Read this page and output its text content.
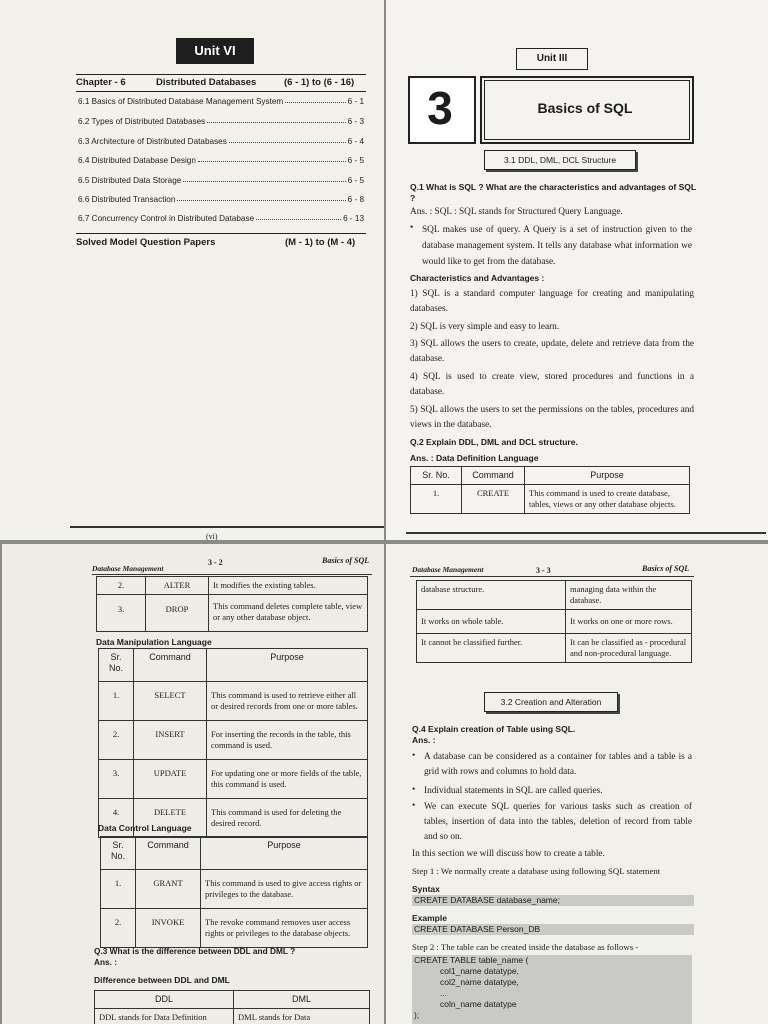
Unit VI
Chapter - 6	Distributed Databases	(6 - 1) to (6 - 16)
6.1 Basics of Distributed Database Management System	6 - 1
6.2 Types of Distributed Databases	6 - 3
6.3 Architecture of Distributed Databases	6 - 4
6.4 Distributed Database Design	6 - 5
6.5 Distributed Data Storage	6 - 5
6.6 Distributed Transaction	6 - 8
6.7 Concurrency Control in Distributed Database	6 - 13
Solved Model Question Papers	(M - 1) to (M - 4)
(vi)
Unit III
3	Basics of SQL
3.1 DDL, DML, DCL Structure
Q.1 What is SQL ? What are the characteristics and advantages of SQL ?
Ans. : SQL : SQL stands for Structured Query Language.
• SQL makes use of query. A Query is a set of instruction given to the database management system. It tells any database what information we would like to get from the database.
Characteristics and Advantages :
1) SQL is a standard computer language for creating and manipulating databases.
2) SQL is very simple and easy to learn.
3) SQL allows the users to create, update, delete and retrieve data from the database.
4) SQL is used to create view, stored procedures and functions in a database.
5) SQL allows the users to set the permissions on the tables, procedures and views in the database.
Q.2 Explain DDL, DML and DCL structure.
Ans. : Data Definition Language
Sr. No.	Command	Purpose
1.	CREATE	This command is used to create database, tables, views or any other database objects.
Database Management
3 - 2	Basics of SQL
2.	ALTER	It modifies the existing tables.
3.	DROP	This command deletes complete table, view or any other database object.
Data Manipulation Language
Sr. No.	Command	Purpose
1.	SELECT	This command is used to retrieve either all or desired records from one or more tables.
2.	INSERT	For inserting the records in the table, this command is used.
3.	UPDATE	For updating one or more fields of the table, this command is used.
4.	DELETE	This command is used for deleting the desired record.
Data Control Language
Sr. No.	Command	Purpose
1.	GRANT	This command is used to give access rights or privileges to the database.
2.	INVOKE	The revoke command removes user access rights or privileges to the database objects.
Q.3 What is the difference between DDL and DML ?
Ans. :
Difference between DDL and DML
DDL	DML
DDL stands for Data Definition	DML stands for Data
Database Management	3 - 3	Basics of SQL
database structure.	managing data within the database.
It works on whole table.	It works on one or more rows.
It cannot be classified further.	It can be classified as - procedural and non-procedural language.
3.2 Creation and Alteration
Q.4 Explain creation of Table using SQL.
Ans. :
• A database can be considered as a container for tables and a table is a grid with rows and columns to hold data.
• Individual statements in SQL are called queries.
• We can execute SQL queries for various tasks such as creation of tables, insertion of data into the tables, deletion of record from table and so on.
In this section we will discuss how to create a table.
Step 1 : We normally create a database using following SQL statement
Syntax
CREATE DATABASE database_name;
Example
CREATE DATABASE Person_DB
Step 2 : The table can be created inside the database as follows -
CREATE TABLE table_name (
col1_name datatype,
col2_name datatype,
...
coln_name datatype
);
